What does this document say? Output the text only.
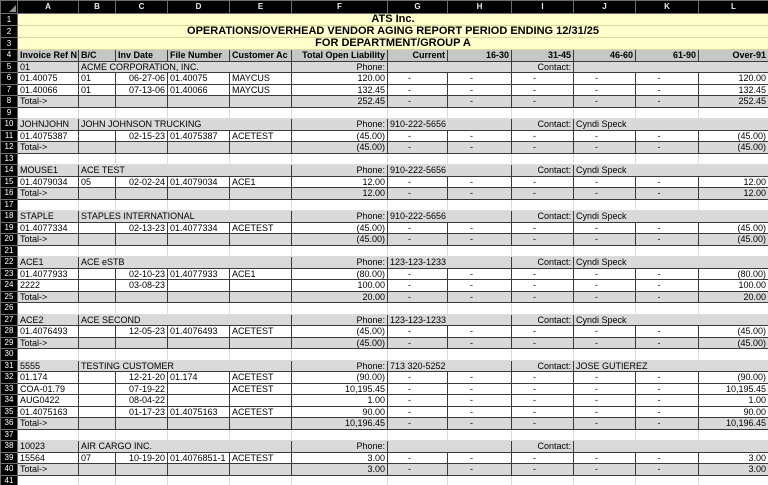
	A	B	C	D	E	F	G	H	I	J	K	L
1	ATS Inc.											
2	OPERATIONS/OVERHEAD VENDOR AGING REPORT PERIOD ENDING 12/31/25											
3	FOR DEPARTMENT/GROUP A											
4	Invoice Ref N	B/C	Inv Date	File Number	Customer Ac	Total Open Liability	Current	16-30	31-45	46-60	61-90	Over-91
5	01	ACME CORPORATION, INC.				Phone:			Contact:			
6	01.40075	01	06-27-06	01.40075	MAYCUS	120.00	-	-	-	-	-	120.00
7	01.40066	01	07-13-06	01.40066	MAYCUS	132.45	-	-	-	-	-	132.45
8	Total->					252.45	-	-	-	-	-	252.45
9												
10	JOHNJOHN	JOHN JOHNSON TRUCKING				Phone:	910-222-5656		Contact:	Cyndi Speck		
11	01.4075387		02-15-23	01.4075387	ACETEST	(45.00)	-	-	-	-	-	(45.00)
12	Total->					(45.00)	-	-	-	-	-	(45.00)
13												
14	MOUSE1	ACE TEST				Phone:	910-222-5656		Contact:	Cyndi Speck		
15	01.4079034	05	02-02-24	01.4079034	ACE1	12.00	-	-	-	-	-	12.00
16	Total->					12.00	-	-	-	-	-	12.00
17												
18	STAPLE	STAPLES INTERNATIONAL				Phone:	910-222-5656		Contact:	Cyndi Speck		
19	01.4077334		02-13-23	01.4077334	ACETEST	(45.00)	-	-	-	-	-	(45.00)
20	Total->					(45.00)	-	-	-	-	-	(45.00)
21												
22	ACE1	ACE eSTB				Phone:	123-123-1233		Contact:	Cyndi Speck		
23	01.4077933		02-10-23	01.4077933	ACE1	(80.00)	-	-	-	-	-	(80.00)
24	2222		03-08-23			100.00	-	-	-	-	-	100.00
25	Total->					20.00	-	-	-	-	-	20.00
26												
27	ACE2	ACE SECOND				Phone:	123-123-1233		Contact:	Cyndi Speck		
28	01.4076493		12-05-23	01.4076493	ACETEST	(45.00)	-	-	-	-	-	(45.00)
29	Total->					(45.00)	-	-	-	-	-	(45.00)
30												
31	5555	TESTING CUSTOMER				Phone:	713 320-5252		Contact:	JOSE GUTIEREZ		
32	01.174		12-21-20	01.174	ACETEST	(90.00)	-	-	-	-	-	(90.00)
33	COA-01.79		07-19-22		ACETEST	10,195.45	-	-	-	-	-	10,195.45
34	AUG0422		08-04-22			1.00	-	-	-	-	-	1.00
35	01.4075163		01-17-23	01.4075163	ACETEST	90.00	-	-	-	-	-	90.00
36	Total->					10,196.45	-	-	-	-	-	10,196.45
37												
38	10023	AIR CARGO INC.				Phone:			Contact:			
39	15564	07	10-19-20	01.4076851-1	ACETEST	3.00	-	-	-	-	-	3.00
40	Total->					3.00	-	-	-	-	-	3.00
41												
